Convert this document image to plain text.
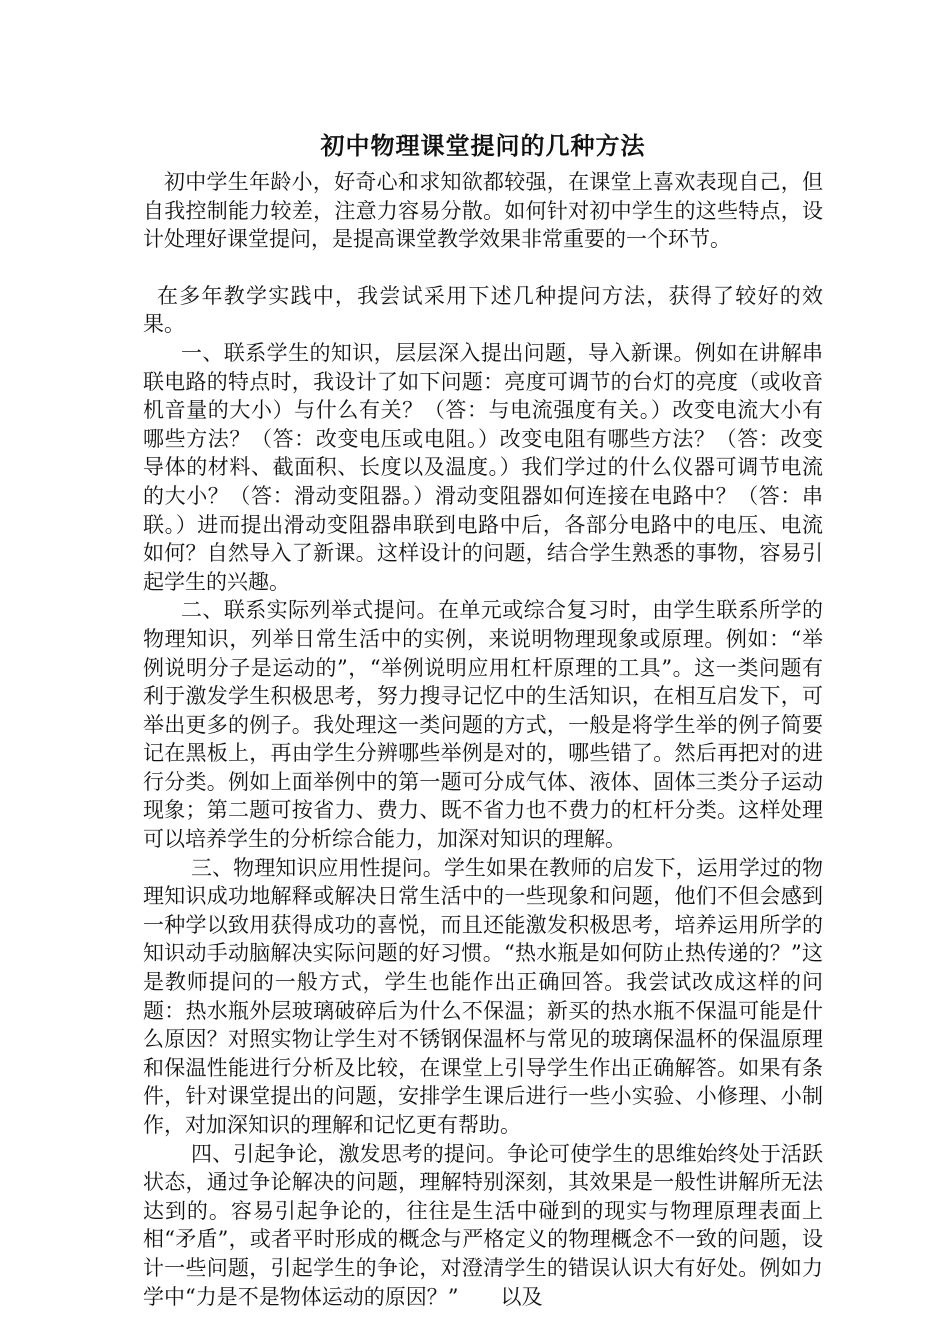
初中物理课堂提问的几种方法

初中学生年龄小，好奇心和求知欲都较强，在课堂上喜欢表现自己，但自我控制能力较差，注意力容易分散。如何针对初中学生的这些特点，设计处理好课堂提问，是提高课堂教学效果非常重要的一个环节。

在多年教学实践中，我尝试采用下述几种提问方法，获得了较好的效果。

一、联系学生的知识，层层深入提出问题，导入新课。例如在讲解串联电路的特点时，我设计了如下问题：亮度可调节的台灯的亮度（或收音机音量的大小）与什么有关？（答：与电流强度有关。）改变电流大小有哪些方法？（答：改变电压或电阻。）改变电阻有哪些方法？（答：改变导体的材料、截面积、长度以及温度。）我们学过的什么仪器可调节电流的大小？（答：滑动变阻器。）滑动变阻器如何连接在电路中？（答：串联。）进而提出滑动变阻器串联到电路中后，各部分电路中的电压、电流如何？自然导入了新课。这样设计的问题，结合学生熟悉的事物，容易引起学生的兴趣。

二、联系实际列举式提问。在单元或综合复习时，由学生联系所学的物理知识，列举日常生活中的实例，来说明物理现象或原理。例如：“举例说明分子是运动的”，“举例说明应用杠杆原理的工具”。这一类问题有利于激发学生积极思考，努力搜寻记忆中的生活知识，在相互启发下，可举出更多的例子。我处理这一类问题的方式，一般是将学生举的例子简要记在黑板上，再由学生分辨哪些举例是对的，哪些错了。然后再把对的进行分类。例如上面举例中的第一题可分成气体、液体、固体三类分子运动现象；第二题可按省力、费力、既不省力也不费力的杠杆分类。这样处理可以培养学生的分析综合能力，加深对知识的理解。

三、物理知识应用性提问。学生如果在教师的启发下，运用学过的物理知识成功地解释或解决日常生活中的一些现象和问题，他们不但会感到一种学以致用获得成功的喜悦，而且还能激发积极思考，培养运用所学的知识动手动脑解决实际问题的好习惯。“热水瓶是如何防止热传递的？”这是教师提问的一般方式，学生也能作出正确回答。我尝试改成这样的问题：热水瓶外层玻璃破碎后为什么不保温；新买的热水瓶不保温可能是什么原因？对照实物让学生对不锈钢保温杯与常见的玻璃保温杯的保温原理和保温性能进行分析及比较，在课堂上引导学生作出正确解答。如果有条件，针对课堂提出的问题，安排学生课后进行一些小实验、小修理、小制作，对加深知识的理解和记忆更有帮助。

四、引起争论，激发思考的提问。争论可使学生的思维始终处于活跃状态，通过争论解决的问题，理解特别深刻，其效果是一般性讲解所无法达到的。容易引起争论的，往往是生活中碰到的现实与物理原理表面上相“矛盾”，或者平时形成的概念与严格定义的物理概念不一致的问题，设计一些问题，引起学生的争论，对澄清学生的错误认识大有好处。例如力学中“力是不是物体运动的原因？”　　以及
